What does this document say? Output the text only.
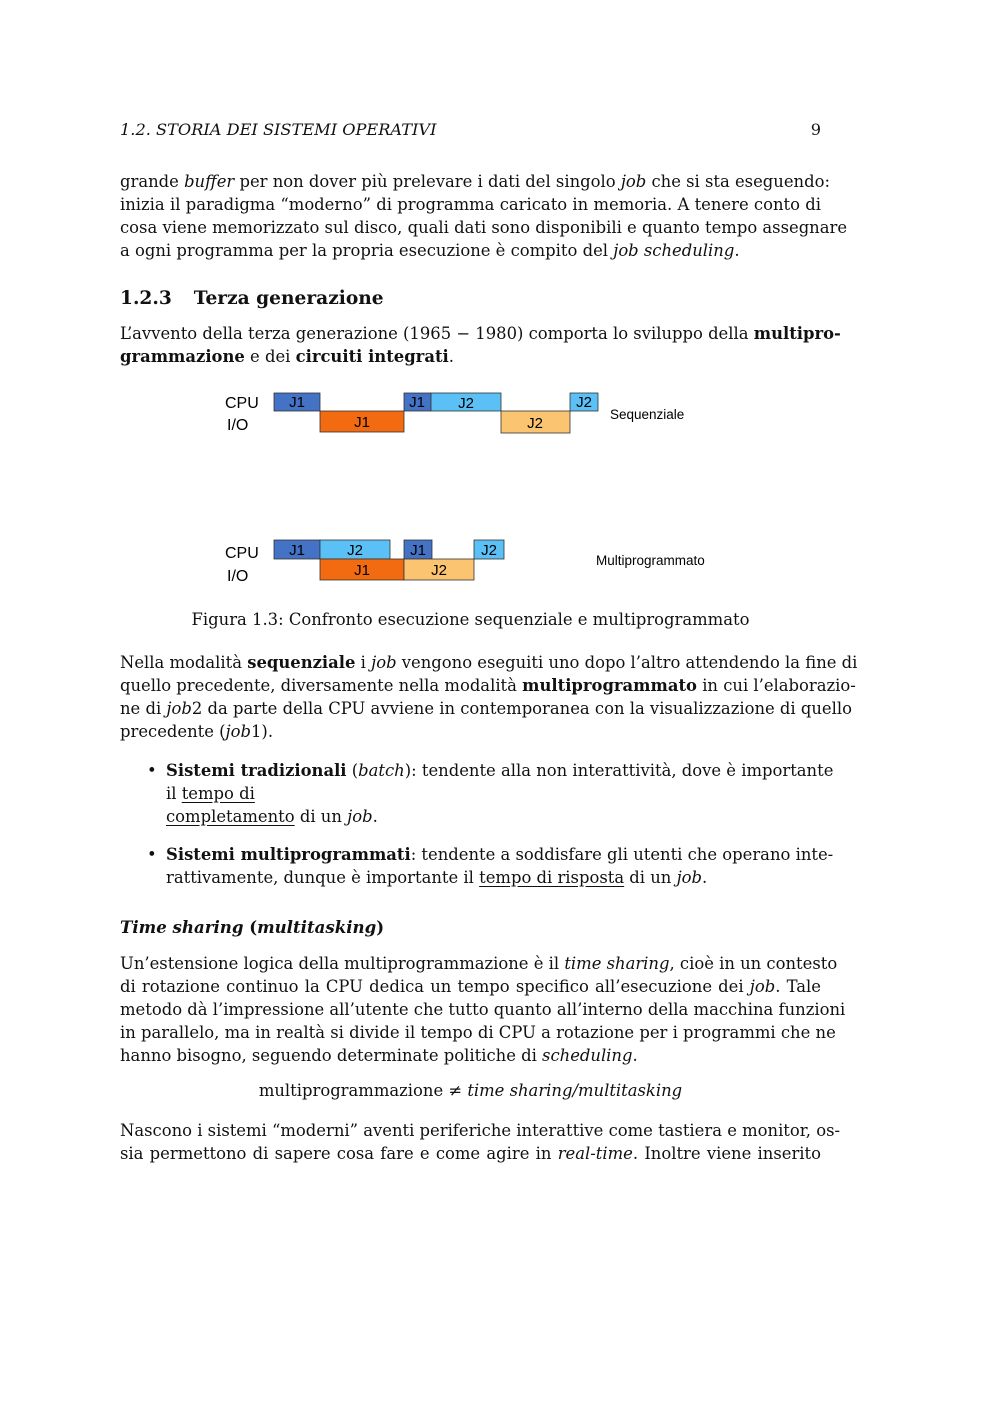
1.2. STORIA DEI SISTEMI OPERATIVI	9
grande buffer per non dover più prelevare i dati del singolo job che si sta eseguendo:
inizia il paradigma “moderno” di programma caricato in memoria. A tenere conto di
cosa viene memorizzato sul disco, quali dati sono disponibili e quanto tempo assegnare
a ogni programma per la propria esecuzione è compito del job scheduling.
1.2.3 Terza generazione
L’avvento della terza generazione (1965 − 1980) comporta lo sviluppo della multipro-
grammazione e dei circuiti integrati.
CPU
I/O
J1
J1
J1 J2
J2
J2
Sequenziale
CPU
I/O
J1	J2
J1
J1
J2
J2
Multiprogrammato
Figura 1.3: Confronto esecuzione sequenziale e multiprogrammato
Nella modalità sequenziale i job vengono eseguiti uno dopo l’altro attendendo la fine di
quello precedente, diversamente nella modalità multiprogrammato in cui l’elaborazio-
ne di job2 da parte della CPU avviene in contemporanea con la visualizzazione di quello
precedente (job1).
• Sistemi tradizionali (batch): tendente alla non interattività, dove è importante
il tempo di
completamento di un job.
• Sistemi multiprogrammati: tendente a soddisfare gli utenti che operano inte-
rattivamente, dunque è importante il tempo di risposta di un job.
Time sharing (multitasking)
Un’estensione logica della multiprogrammazione è il time sharing, cioè in un contesto
di rotazione continuo la CPU dedica un tempo specifico all’esecuzione dei job. Tale
metodo dà l’impressione all’utente che tutto quanto all’interno della macchina funzioni
in parallelo, ma in realtà si divide il tempo di CPU a rotazione per i programmi che ne
hanno bisogno, seguendo determinate politiche di scheduling.
multiprogrammazione ≠ time sharing/multitasking
Nascono i sistemi “moderni” aventi periferiche interattive come tastiera e monitor, os-
sia permettono di sapere cosa fare e come agire in real-time. Inoltre viene inserito
